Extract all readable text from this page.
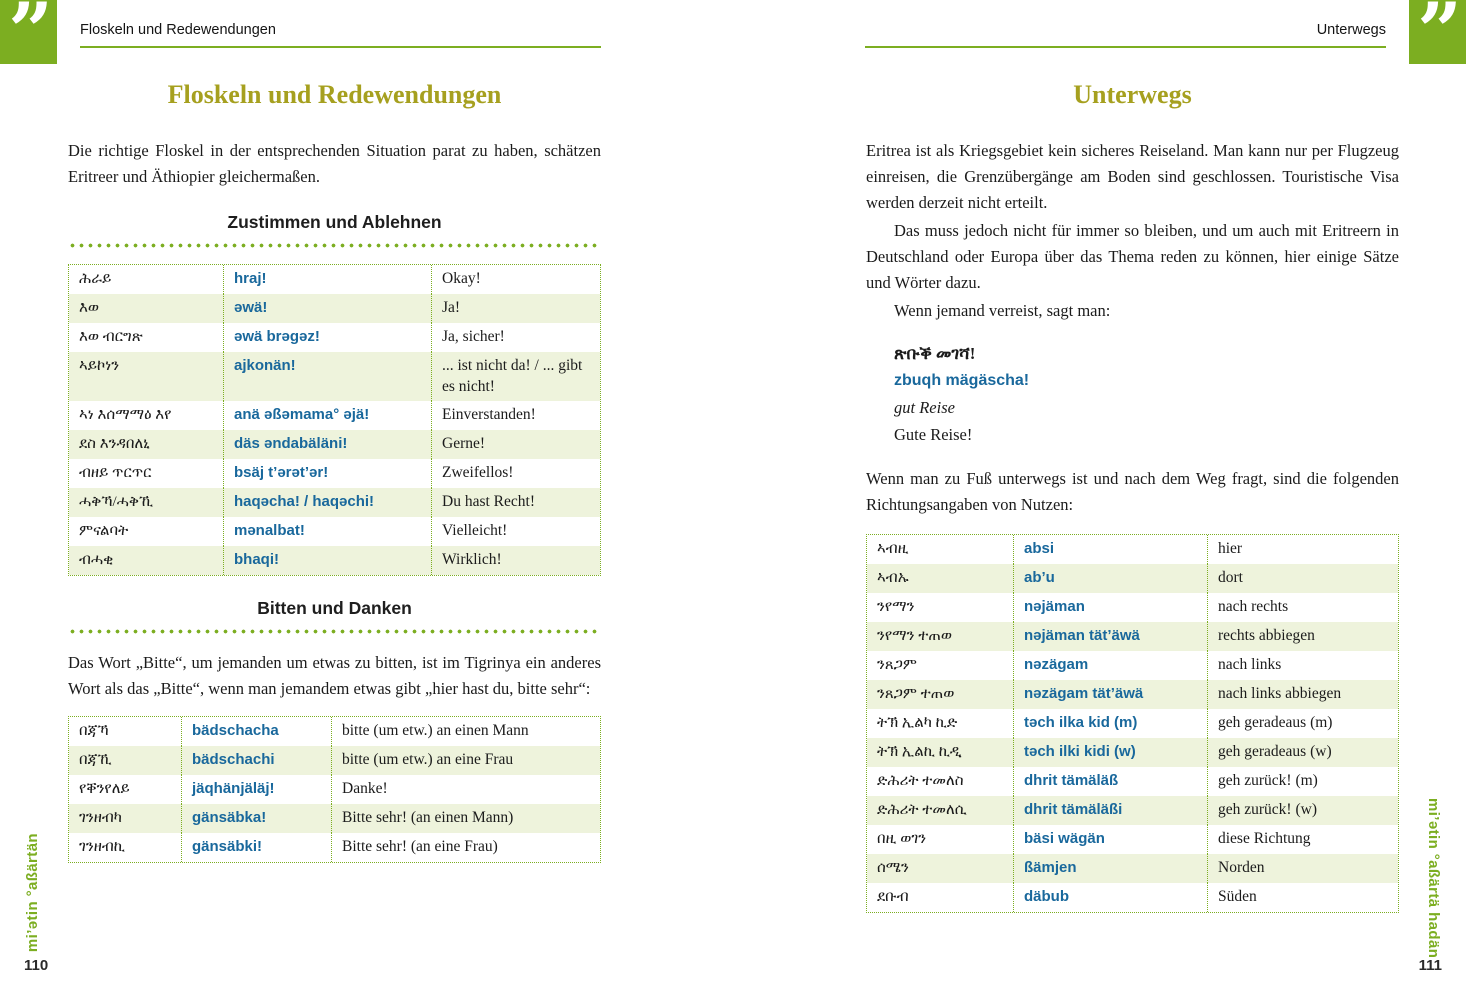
”	”
Floskeln und Redewendungen	Unterwegs
Floskeln und Redewendungen

Die richtige Floskel in der entsprechenden Situation parat zu haben, schätzen Eritreer und Äthiopier gleichermaßen.

Zustimmen und Ablehnen
ሕራይ	hraj!	Okay!
እወ	əwä!	Ja!
እወ ብርግጽ	əwä brəgəz!	Ja, sicher!
ኣይኮነን	ajkonän!	... ist nicht da! / ... gibt es nicht!
ኣነ እሰማማዕ እየ	anä əßəmama° əjä!	Einverstanden!
ደስ እንዳበለኒ	däs əndabäläni!	Gerne!
ብዘይ ጥርጥር	bsäj t’ərət’ər!	Zweifellos!
ሓቅኻ/ሓቅኺ	haqəcha! / haqəchi!	Du hast Recht!
ምናልባት	mənalbat!	Vielleicht!
ብሓቂ	bhaqi!	Wirklich!
Bitten und Danken

Das Wort „Bitte“, um jemanden um etwas zu bitten, ist im Tigrinya ein anderes Wort als das „Bitte“, wenn man jemandem etwas gibt „hier hast du, bitte sehr“:

በጃኻ	bädschacha	bitte (um etw.) an einen Mann
በጃኺ	bädschachi	bitte (um etw.) an eine Frau
የቐንየለይ	jäqhänjäläj!	Danke!
ገንዘብካ	gänsäbka!	Bitte sehr! (an einen Mann)
ገንዘብኪ	gänsäbki!	Bitte sehr! (an eine Frau)
Unterwegs

Eritrea ist als Kriegsgebiet kein sicheres Reiseland. Man kann nur per Flugzeug einreisen, die Grenzübergänge am Boden sind geschlossen. Touristische Visa werden derzeit nicht erteilt.

Das muss jedoch nicht für immer so bleiben, und um auch mit Eritreern in Deutschland oder Europa über das Thema reden zu können, hier einige Sätze und Wörter dazu.

Wenn jemand verreist, sagt man:

ጽቡቕ መገሻ!
zbuqh mägäscha!
gut Reise
Gute Reise!

Wenn man zu Fuß unterwegs ist und nach dem Weg fragt, sind die folgenden Richtungsangaben von Nutzen:

ኣብዚ	absi	hier
ኣብኡ	ab’u	dort
ንየማን	nəjäman	nach rechts
ንየማን ተጠወ	nəjäman tät’äwä	rechts abbiegen
ንጸጋም	nəzägam	nach links
ንጸጋም ተጠወ	nəzägam tät’äwä	nach links abbiegen
ትኽ ኢልካ ኪድ	təch ilka kid (m)	geh geradeaus (m)
ትኽ ኢልኪ ኪዲ	təch ilki kidi (w)	geh geradeaus (w)
ድሕሪት ተመለስ	dhrit tämäläß	geh zurück! (m)
ድሕሪት ተመለሲ	dhrit tämäläßi	geh zurück! (w)
በዚ ወገን	bäsi wägän	diese Richtung
ሰሜን	ßämjen	Norden
ደቡብ	däbub	Süden
mi’ətin °aßärtän	mi’ətin °aßärtä hadän
110	111
